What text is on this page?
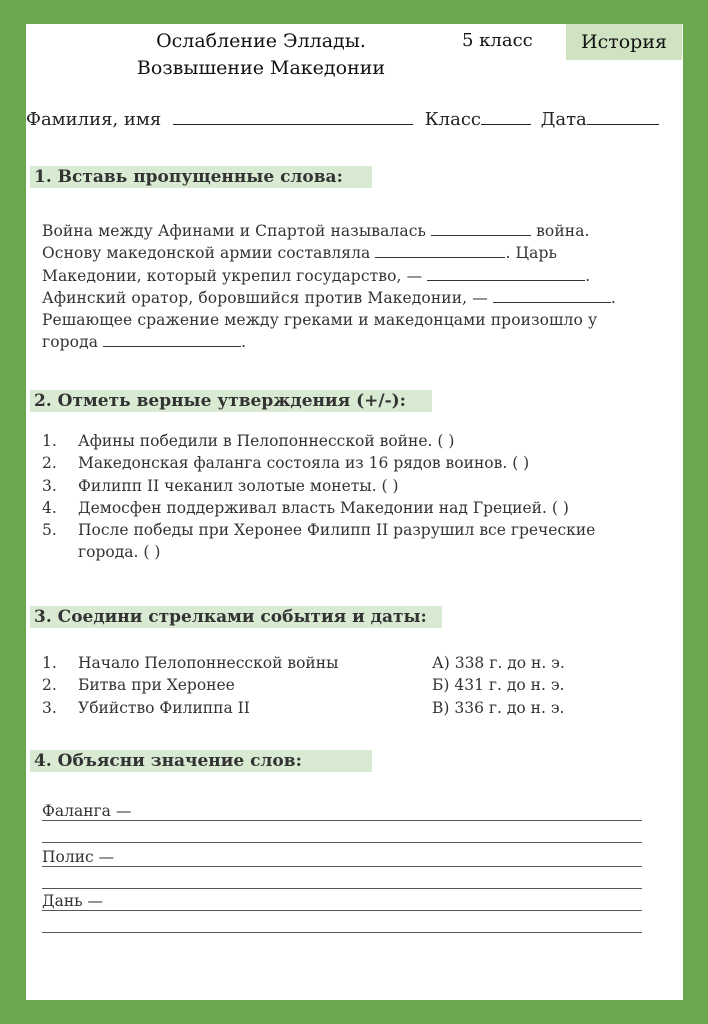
Ослабление Эллады.
Возвышение Македонии
5 класс	История
Фамилия, имя	Класс	Дата
1. Вставь пропущенные слова:
Война между Афинами и Спартой называлась	война.
Основу македонской армии составляла	. Царь
Македонии, который укрепил государство, —	.
Афинский оратор, боровшийся против Македонии, —	.
Решающее сражение между греками и македонцами произошло у
города	.
2. Отметь верные утверждения (+/-):
1.	Афины победили в Пелопоннесской войне. ( )
2.	Македонская фаланга состояла из 16 рядов воинов. ( )
3.	Филипп II чеканил золотые монеты. ( )
4.	Демосфен поддерживал власть Македонии над Грецией. ( )
5.	После победы при Херонее Филипп II разрушил все греческие города. ( )
3. Соедини стрелками события и даты:
1.	Начало Пелопоннесской войны	А) 338 г. до н. э.
2.	Битва при Херонее	Б) 431 г. до н. э.
3.	Убийство Филиппа II	В) 336 г. до н. э.
4. Объясни значение слов:
Фаланга —
Полис —
Дань —
